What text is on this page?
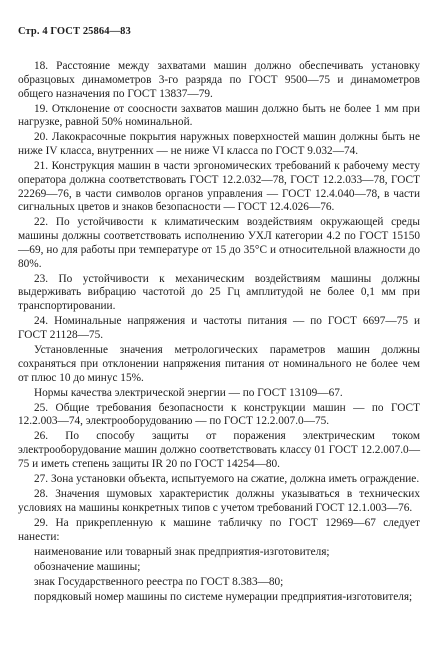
Стр. 4 ГОСТ 25864—83

18. Расстояние между захватами машин должно обеспечивать установку образцовых динамометров 3-го разряда по ГОСТ 9500—75 и динамометров общего назначения по ГОСТ 13837—79.

19. Отклонение от соосности захватов машин должно быть не более 1 мм при нагрузке, равной 50% номинальной.

20. Лакокрасочные покрытия наружных поверхностей машин должны быть не ниже IV класса, внутренних — не ниже VI класса по ГОСТ 9.032—74.

21. Конструкция машин в части эргономических требований к рабочему месту оператора должна соответствовать ГОСТ 12.2.032—78, ГОСТ 12.2.033—78, ГОСТ 22269—76, в части символов органов управления — ГОСТ 12.4.040—78, в части сигнальных цветов и знаков безопасности — ГОСТ 12.4.026—76.

22. По устойчивости к климатическим воздействиям окружающей среды машины должны соответствовать исполнению УХЛ категории 4.2 по ГОСТ 15150—69, но для работы при температуре от 15 до 35°С и относительной влажности до 80%.

23. По устойчивости к механическим воздействиям машины должны выдерживать вибрацию частотой до 25 Гц амплитудой не более 0,1 мм при транспортировании.

24. Номинальные напряжения и частоты питания — по ГОСТ 6697—75 и ГОСТ 21128—75.

Установленные значения метрологических параметров машин должны сохраняться при отклонении напряжения питания от номинального не более чем от плюс 10 до минус 15%.

Нормы качества электрической энергии — по ГОСТ 13109—67.

25. Общие требования безопасности к конструкции машин — по ГОСТ 12.2.003—74, электрооборудованию — по ГОСТ 12.2.007.0—75.

26. По способу защиты от поражения электрическим током электрооборудование машин должно соответствовать классу 01 ГОСТ 12.2.007.0—75 и иметь степень защиты IR 20 по ГОСТ 14254—80.

27. Зона установки объекта, испытуемого на сжатие, должна иметь ограждение.

28. Значения шумовых характеристик должны указываться в технических условиях на машины конкретных типов с учетом требований ГОСТ 12.1.003—76.

29. На прикрепленную к машине табличку по ГОСТ 12969—67 следует нанести:

наименование или товарный знак предприятия-изготовителя;

обозначение машины;

знак Государственного реестра по ГОСТ 8.383—80;

порядковый номер машины по системе нумерации предприятия-изготовителя;
